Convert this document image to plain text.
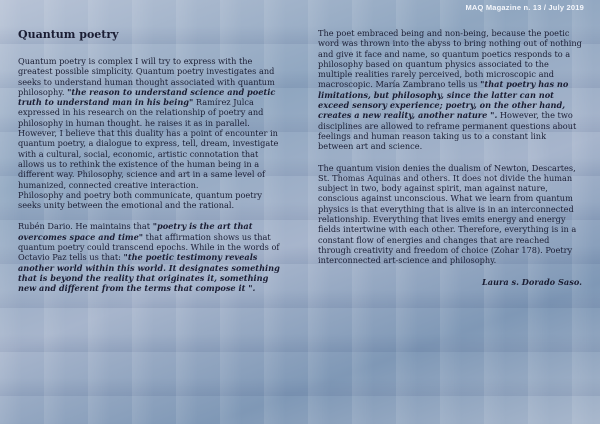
MAQ Magazine n. 13 / July 2019
Quantum poetry

Quantum poetry is complex I will try to express with the greatest possible simplicity. Quantum poetry investigates and seeks to understand human thought associated with quantum philosophy. "the reason to understand science and poetic truth to understand man in his being" Ramírez Julca expressed in his research on the relationship of poetry and philosophy in human thought. he raises it as in parallel.
However, I believe that this duality has a point of encounter in quantum poetry, a dialogue to express, tell, dream, investigate with a cultural, social, economic, artistic connotation that allows us to rethink the existence of the human being in a different way. Philosophy, science and art in a same level of humanized, connected creative interaction.
Philosophy and poetry both communicate, quantum poetry seeks unity between the emotional and the rational.

Rubén Dario. He maintains that "poetry is the art that overcomes space and time" that affirmation shows us that quantum poetry could transcend epochs. While in the words of Octavio Paz tells us that: "the poetic testimony reveals another world within this world. It designates something that is beyond the reality that originates it, something new and different from the terms that compose it ".

The poet embraced being and non-being, because the poetic word was thrown into the abyss to bring nothing out of nothing and give it face and name, so quantum poetics responds to a philosophy based on quantum physics associated to the multiple realities rarely perceived, both microscopic and macroscopic. María Zambrano tells us "that poetry has no limitations, but philosophy, since the latter can not exceed sensory experience; poetry, on the other hand, creates a new reality, another nature ". However, the two disciplines are allowed to reframe permanent questions about feelings and human reason taking us to a constant link between art and science.

The quantum vision denies the dualism of Newton, Descartes, St. Thomas Aquinas and others. It does not divide the human subject in two, body against spirit, man against nature, conscious against unconscious. What we learn from quantum physics is that everything that is alive is in an interconnected relationship. Everything that lives emits energy and energy fields intertwine with each other. Therefore, everything is in a constant flow of energies and changes that are reached through creativity and freedom of choice (Zohar 178). Poetry interconnected art-science and philosophy.

Laura s. Dorado Saso.
